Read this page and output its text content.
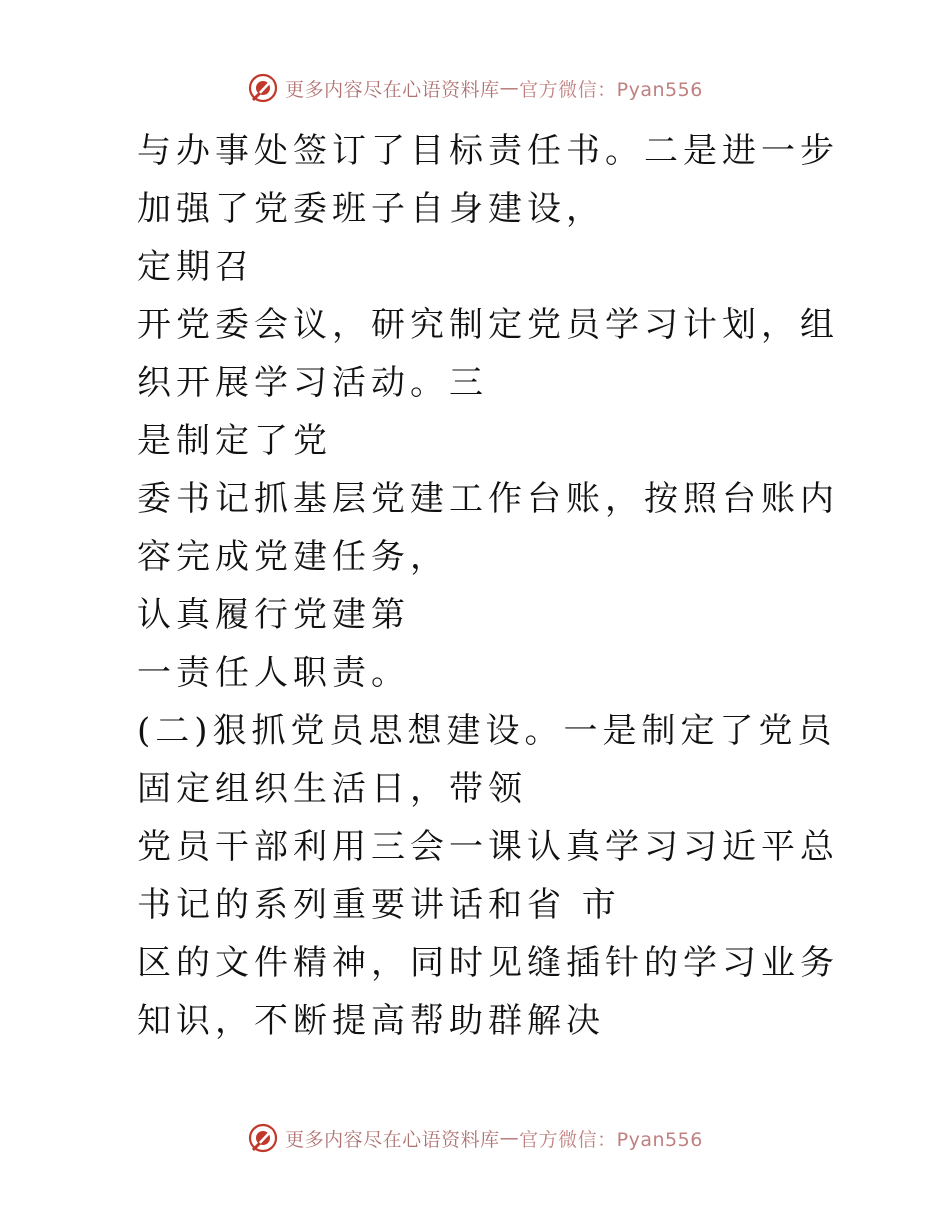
更多内容尽在心语资料库 — 官方微信：Pyan556

与办事处签订了目标责任书。二是进一步加强了党委班子自身建设，

定期召

开党委会议，研究制定党员学习计划，组织开展学习活动。三

是制定了党

委书记抓基层党建工作台账，按照台账内容完成党建任务，

认真履行党建第

一责任人职责。

(二)狠抓党员思想建设。一是制定了党员固定组织生活日，带领

党员干部利用三会一课认真学习习近平总书记的系列重要讲话和省 市

区的文件精神，同时见缝插针的学习业务知识，不断提高帮助群解决

更多内容尽在心语资料库 — 官方微信：Pyan556
